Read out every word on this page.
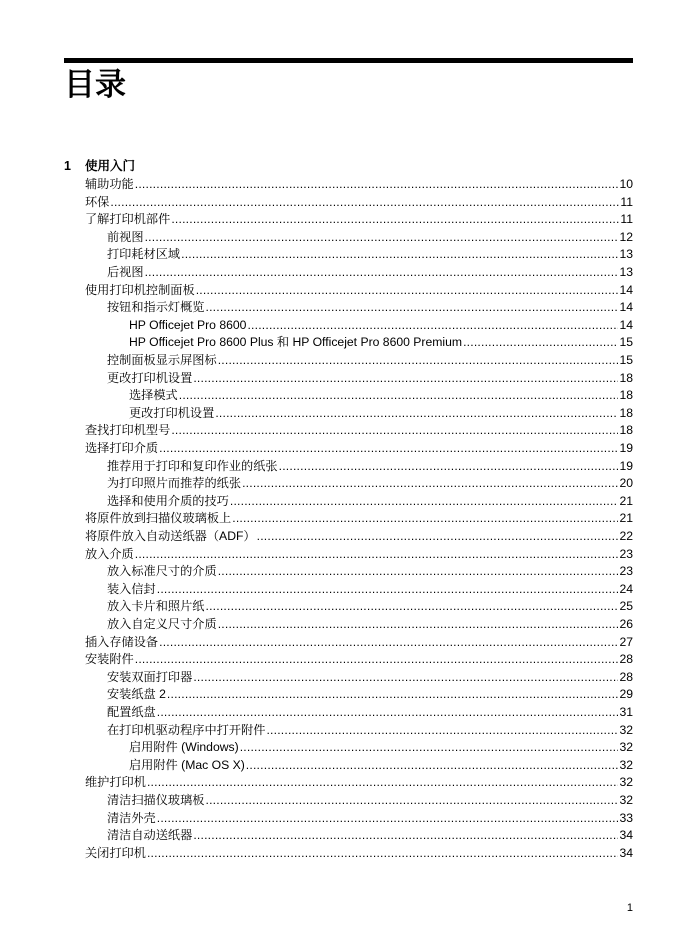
目录
1 使用入门
辅助功能 .....	10
环保 .....	11
了解打印机部件 .....	11
前视图 .....	12
打印耗材区域 .....	13
后视图 .....	13
使用打印机控制面板 .....	14
按钮和指示灯概览 .....	14
HP Officejet Pro 8600 .....	14
HP Officejet Pro 8600 Plus 和 HP Officejet Pro 8600 Premium .....	15
控制面板显示屏图标 .....	15
更改打印机设置 .....	18
选择模式 .....	18
更改打印机设置 .....	18
查找打印机型号 .....	18
选择打印介质 .....	19
推荐用于打印和复印作业的纸张 .....	19
为打印照片而推荐的纸张 .....	20
选择和使用介质的技巧 .....	21
将原件放到扫描仪玻璃板上 .....	21
将原件放入自动送纸器（ADF） .....	22
放入介质 .....	23
放入标准尺寸的介质 .....	23
装入信封 .....	24
放入卡片和照片纸 .....	25
放入自定义尺寸介质 .....	26
插入存储设备 .....	27
安装附件 .....	28
安装双面打印器 .....	28
安装纸盘 2 .....	29
配置纸盘 .....	31
在打印机驱动程序中打开附件 .....	32
启用附件 (Windows) .....	32
启用附件 (Mac OS X) .....	32
维护打印机 .....	32
清洁扫描仪玻璃板 .....	32
清洁外壳 .....	33
清洁自动送纸器 .....	34
关闭打印机 .....	34
1
